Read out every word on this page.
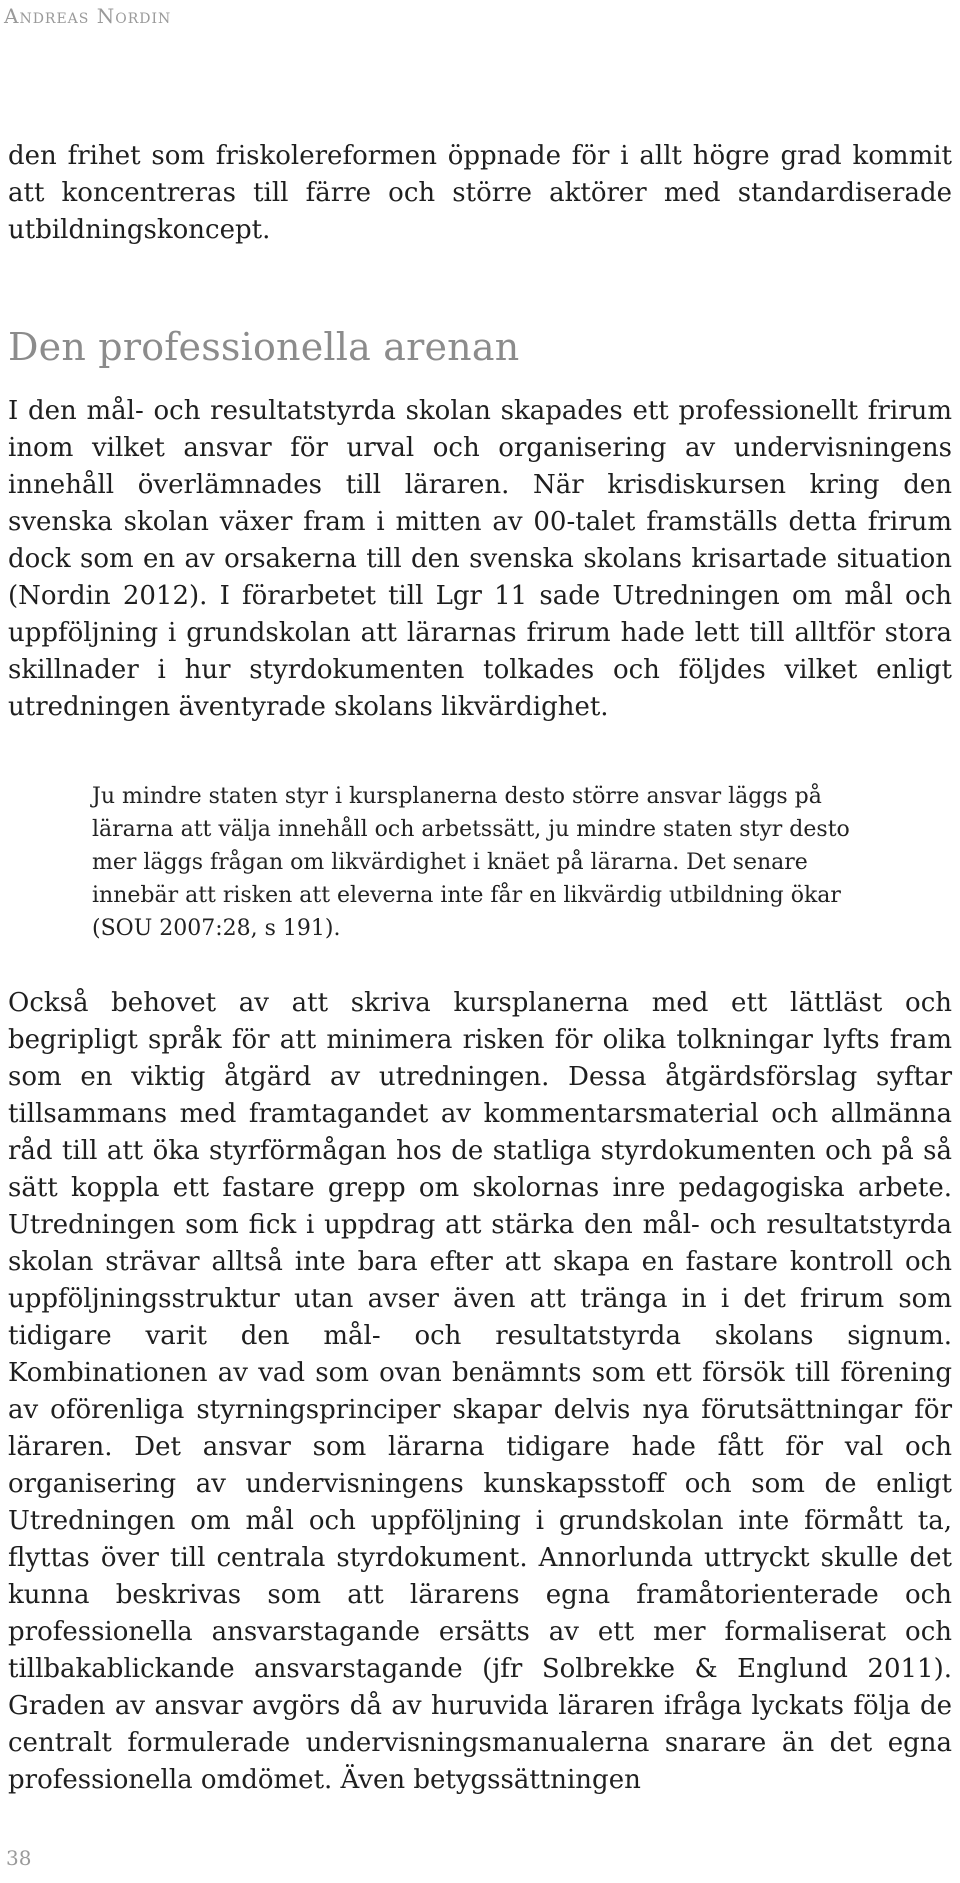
Andreas Nordin

den frihet som friskolereformen öppnade för i allt högre grad kommit att koncentreras till färre och större aktörer med standardiserade utbildningskoncept.

Den professionella arenan

I den mål- och resultatstyrda skolan skapades ett professionellt frirum inom vilket ansvar för urval och organisering av undervisningens innehåll överlämnades till läraren. När krisdiskursen kring den svenska skolan växer fram i mitten av 00-talet framställs detta frirum dock som en av orsakerna till den svenska skolans krisartade situation (Nordin 2012). I förarbetet till Lgr 11 sade Utredningen om mål och uppföljning i grundskolan att lärarnas frirum hade lett till alltför stora skillnader i hur styrdokumenten tolkades och följdes vilket enligt utredningen äventyrade skolans likvärdighet.

Ju mindre staten styr i kursplanerna desto större ansvar läggs på lärarna att välja innehåll och arbetssätt, ju mindre staten styr desto mer läggs frågan om likvärdighet i knäet på lärarna. Det senare innebär att risken att eleverna inte får en likvärdig utbildning ökar (SOU 2007:28, s 191).

Också behovet av att skriva kursplanerna med ett lättläst och begripligt språk för att minimera risken för olika tolkningar lyfts fram som en viktig åtgärd av utredningen. Dessa åtgärdsförslag syftar tillsammans med framtagandet av kommentarsmaterial och allmänna råd till att öka styrförmågan hos de statliga styrdokumenten och på så sätt koppla ett fastare grepp om skolornas inre pedagogiska arbete. Utredningen som fick i uppdrag att stärka den mål- och resultatstyrda skolan strävar alltså inte bara efter att skapa en fastare kontroll och uppföljningsstruktur utan avser även att tränga in i det frirum som tidigare varit den mål- och resultatstyrda skolans signum. Kombinationen av vad som ovan benämnts som ett försök till förening av oförenliga styrningsprinciper skapar delvis nya förutsättningar för läraren. Det ansvar som lärarna tidigare hade fått för val och organisering av undervisningens kunskapsstoff och som de enligt Utredningen om mål och uppföljning i grundskolan inte förmått ta, flyttas över till centrala styrdokument. Annorlunda uttryckt skulle det kunna beskrivas som att lärarens egna framåtorienterade och professionella ansvarstagande ersätts av ett mer formaliserat och tillbakablickande ansvarstagande (jfr Solbrekke & Englund 2011). Graden av ansvar avgörs då av huruvida läraren ifråga lyckats följa de centralt formulerade undervisningsmanualerna snarare än det egna professionella omdömet. Även betygssättningen

38
